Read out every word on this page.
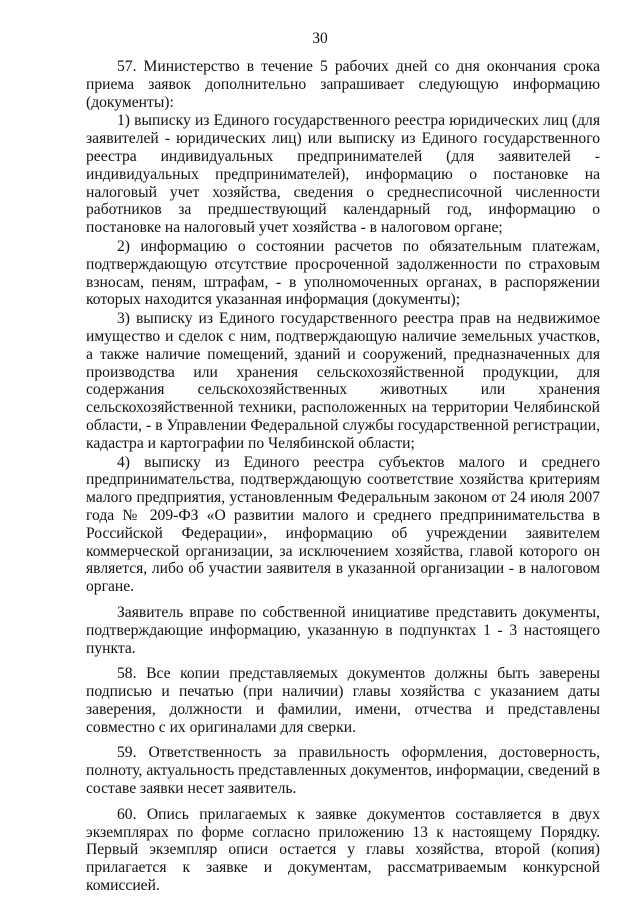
30

57. Министерство в течение 5 рабочих дней со дня окончания срока приема заявок дополнительно запрашивает следующую информацию (документы):

1) выписку из Единого государственного реестра юридических лиц (для заявителей - юридических лиц) или выписку из Единого государственного реестра индивидуальных предпринимателей (для заявителей - индивидуальных предпринимателей), информацию о постановке на налоговый учет хозяйства, сведения о среднесписочной численности работников за предшествующий календарный год, информацию о постановке на налоговый учет хозяйства - в налоговом органе;

2) информацию о состоянии расчетов по обязательным платежам, подтверждающую отсутствие просроченной задолженности по страховым взносам, пеням, штрафам, - в уполномоченных органах, в распоряжении которых находится указанная информация (документы);

3) выписку из Единого государственного реестра прав на недвижимое имущество и сделок с ним, подтверждающую наличие земельных участков, а также наличие помещений, зданий и сооружений, предназначенных для производства или хранения сельскохозяйственной продукции, для содержания сельскохозяйственных животных или хранения сельскохозяйственной техники, расположенных на территории Челябинской области, - в Управлении Федеральной службы государственной регистрации, кадастра и картографии по Челябинской области;

4) выписку из Единого реестра субъектов малого и среднего предпринимательства, подтверждающую соответствие хозяйства критериям малого предприятия, установленным Федеральным законом от 24 июля 2007 года № 209-ФЗ «О развитии малого и среднего предпринимательства в Российской Федерации», информацию об учреждении заявителем коммерческой организации, за исключением хозяйства, главой которого он является, либо об участии заявителя в указанной организации - в налоговом органе.

Заявитель вправе по собственной инициативе представить документы, подтверждающие информацию, указанную в подпунктах 1 - 3 настоящего пункта.

58. Все копии представляемых документов должны быть заверены подписью и печатью (при наличии) главы хозяйства с указанием даты заверения, должности и фамилии, имени, отчества и представлены совместно с их оригиналами для сверки.

59. Ответственность за правильность оформления, достоверность, полноту, актуальность представленных документов, информации, сведений в составе заявки несет заявитель.

60. Опись прилагаемых к заявке документов составляется в двух экземплярах по форме согласно приложению 13 к настоящему Порядку. Первый экземпляр описи остается у главы хозяйства, второй (копия) прилагается к заявке и документам, рассматриваемым конкурсной комиссией.
